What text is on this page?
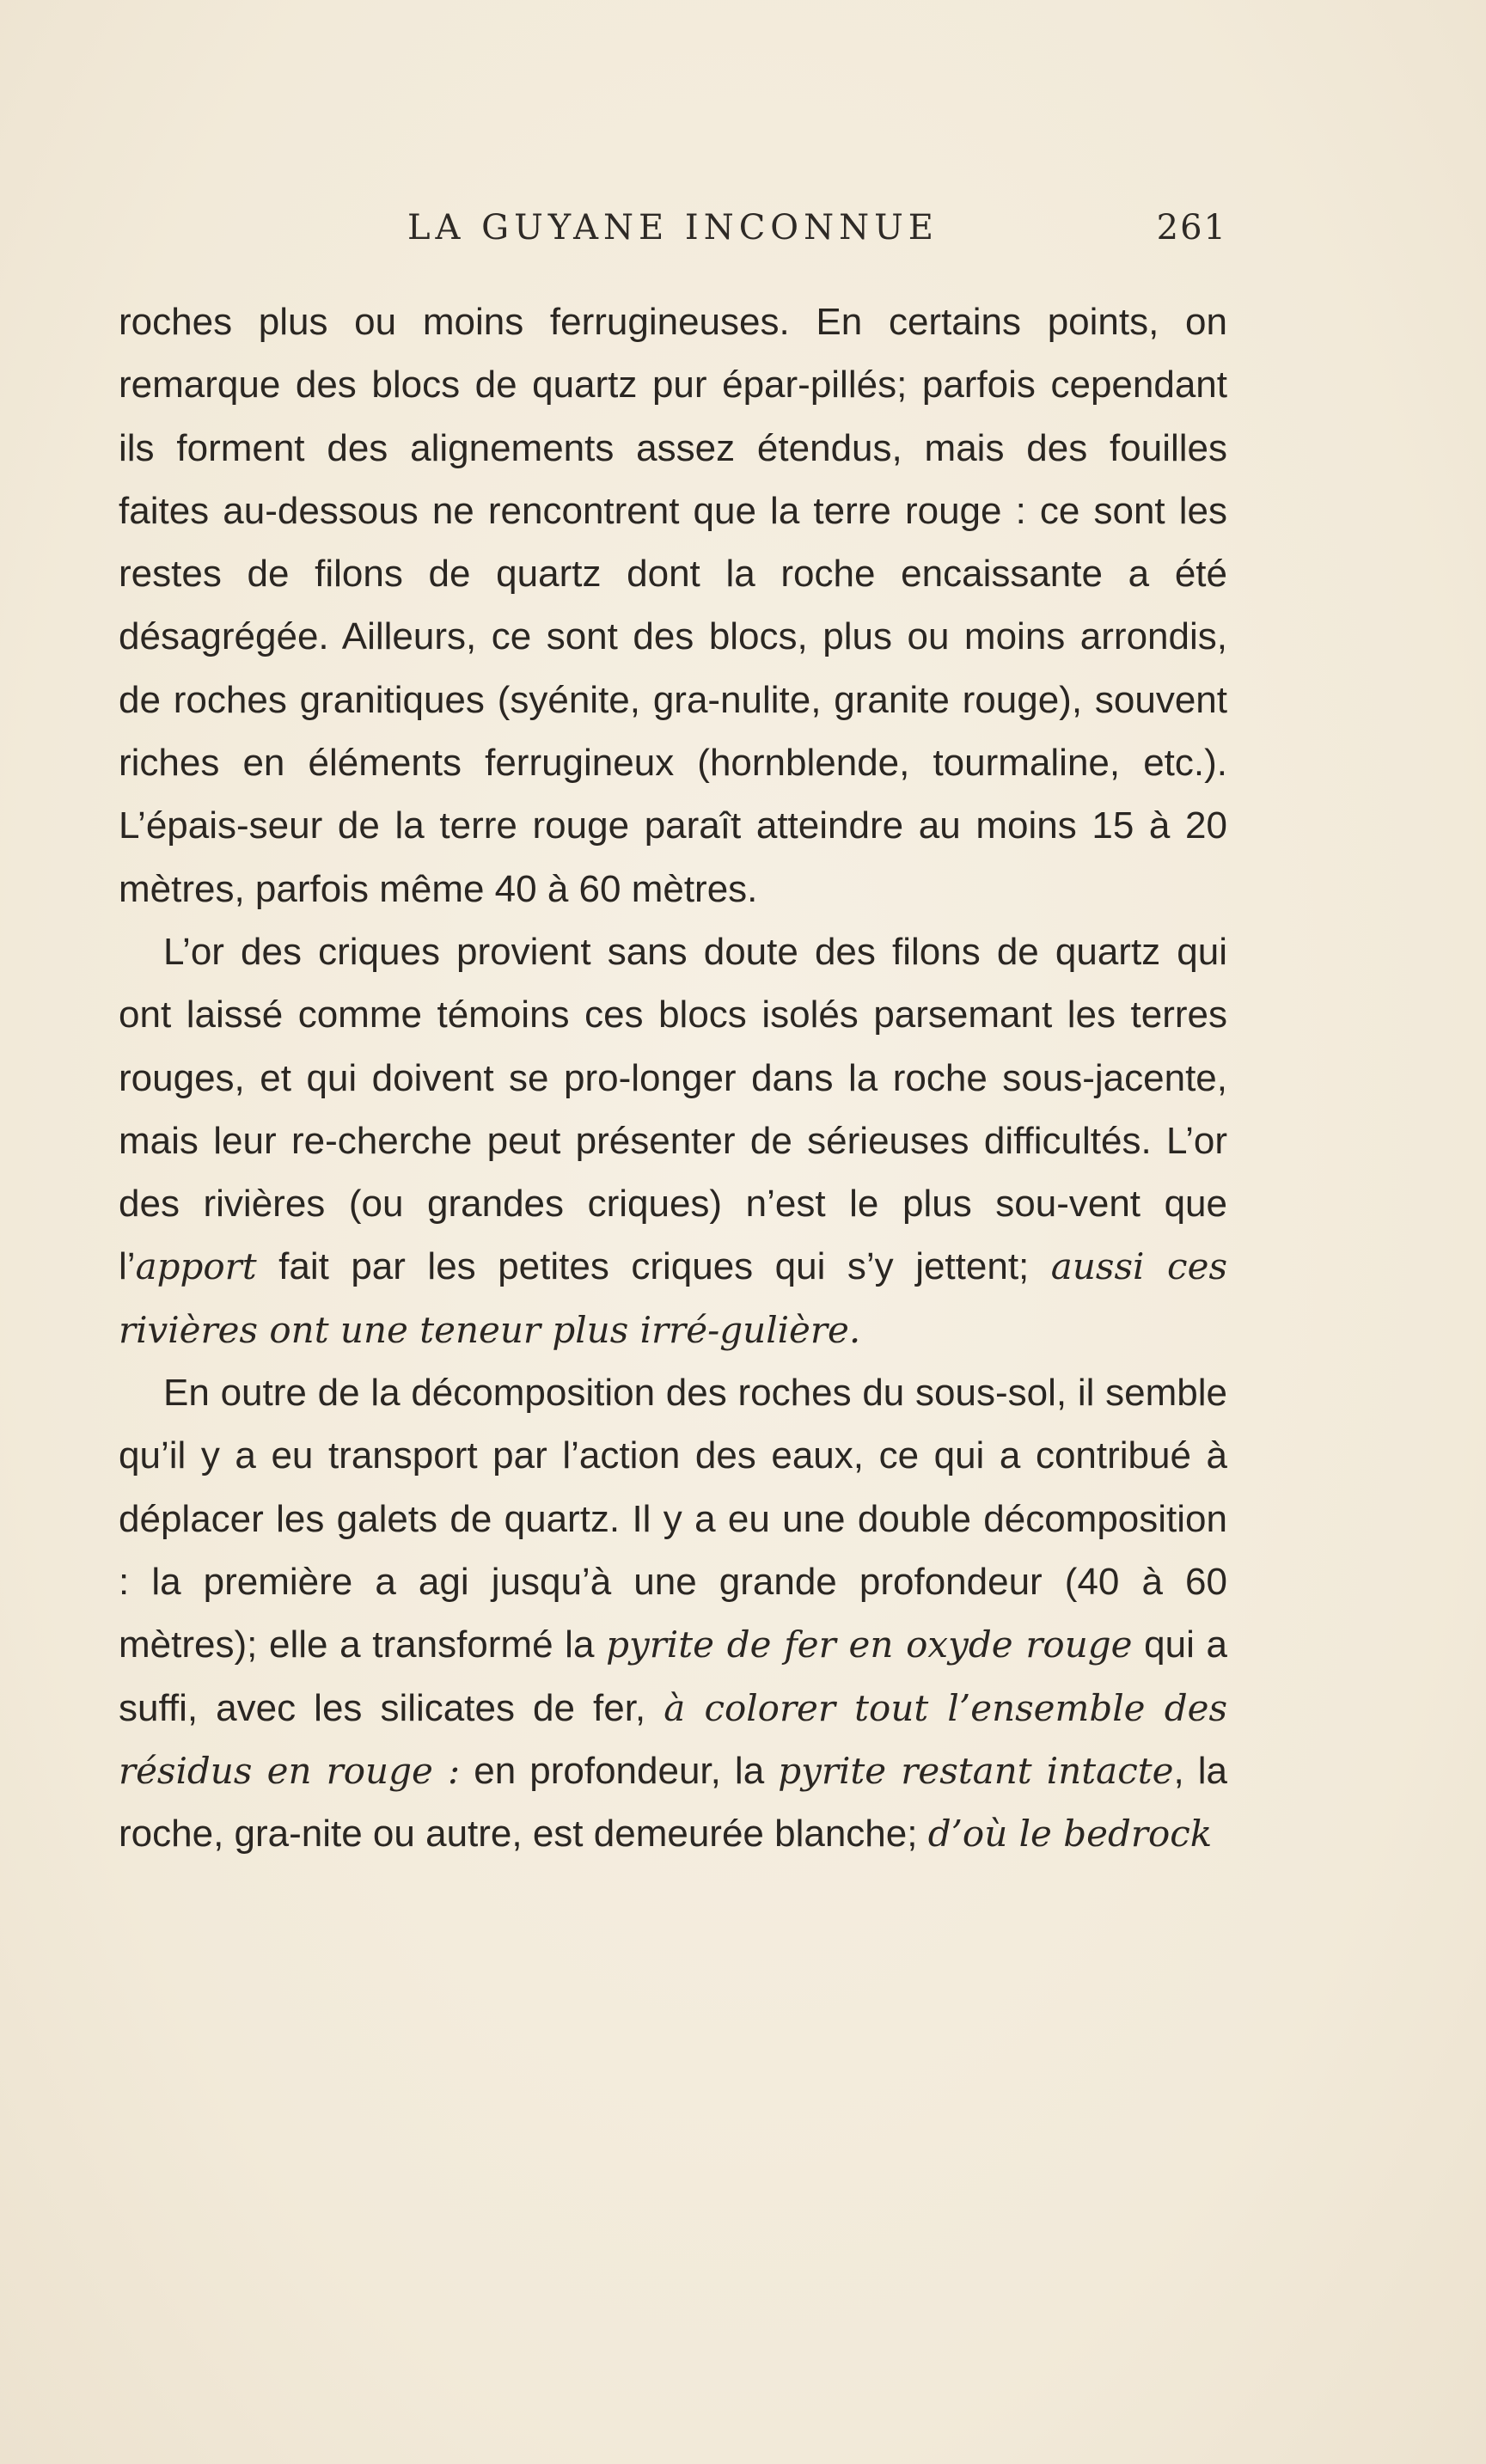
LA GUYANE INCONNUE	261

roches plus ou moins ferrugineuses. En certains points, on remarque des blocs de quartz pur épar-pillés; parfois cependant ils forment des alignements assez étendus, mais des fouilles faites au-dessous ne rencontrent que la terre rouge : ce sont les restes de filons de quartz dont la roche encaissante a été désagrégée. Ailleurs, ce sont des blocs, plus ou moins arrondis, de roches granitiques (syénite, gra-nulite, granite rouge), souvent riches en éléments ferrugineux (hornblende, tourmaline, etc.). L’épais-seur de la terre rouge paraît atteindre au moins 15 à 20 mètres, parfois même 40 à 60 mètres.

L’or des criques provient sans doute des filons de quartz qui ont laissé comme témoins ces blocs isolés parsemant les terres rouges, et qui doivent se pro-longer dans la roche sous-jacente, mais leur re-cherche peut présenter de sérieuses difficultés. L’or des rivières (ou grandes criques) n’est le plus sou-vent que l’apport fait par les petites criques qui s’y jettent; aussi ces rivières ont une teneur plus irré-gulière.

En outre de la décomposition des roches du sous-sol, il semble qu’il y a eu transport par l’action des eaux, ce qui a contribué à déplacer les galets de quartz. Il y a eu une double décomposition : la première a agi jusqu’à une grande profondeur (40 à 60 mètres); elle a transformé la pyrite de fer en oxyde rouge qui a suffi, avec les silicates de fer, à colorer tout l’ensemble des résidus en rouge : en profondeur, la pyrite restant intacte, la roche, gra-nite ou autre, est demeurée blanche; d’où le bedrock
